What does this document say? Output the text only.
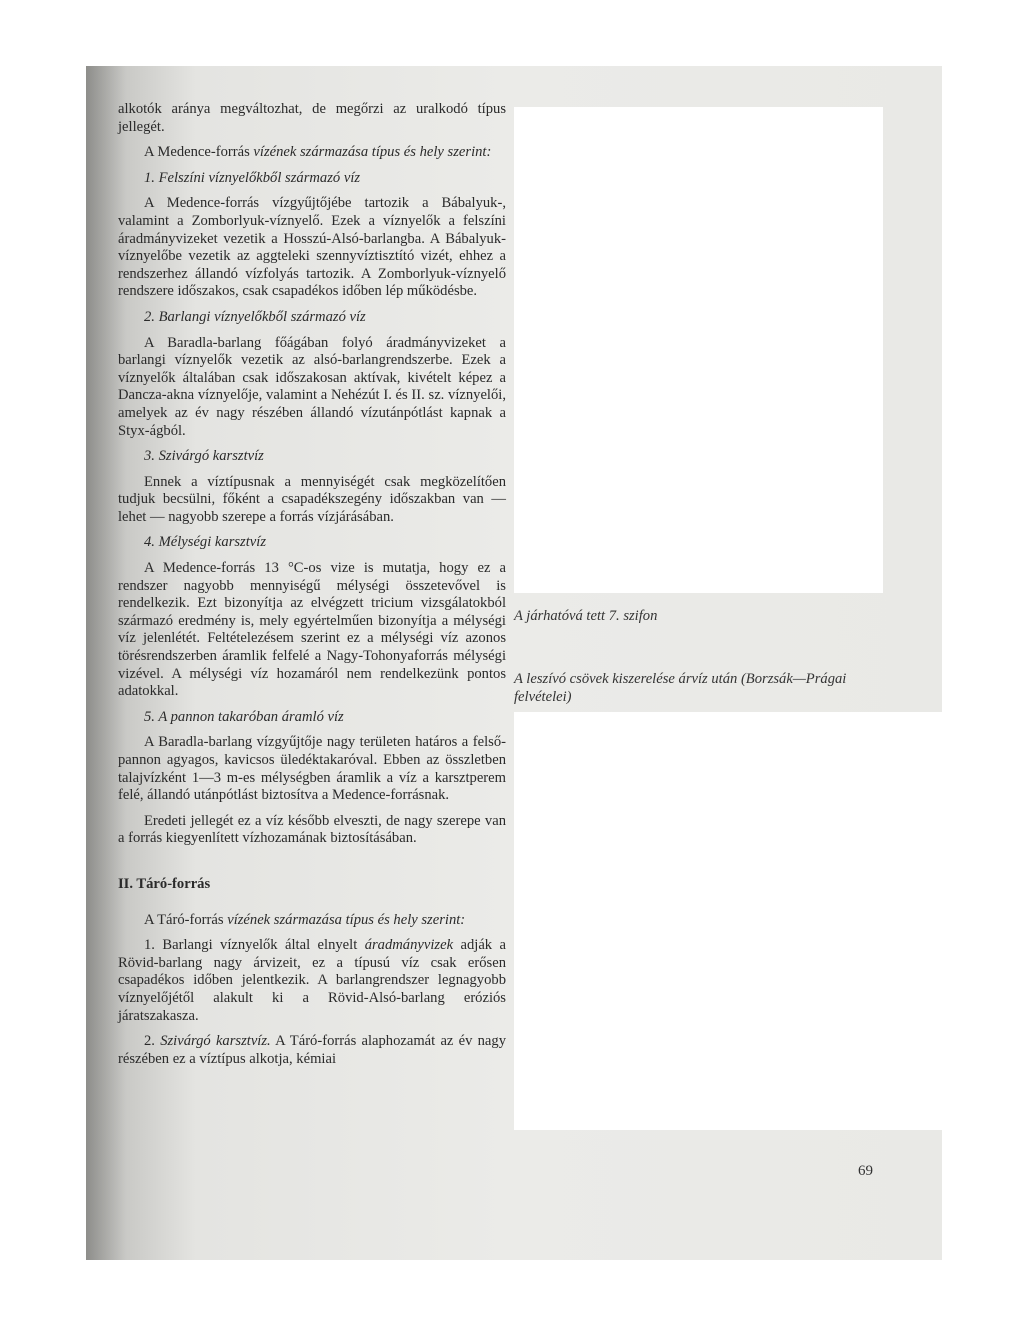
alkotók aránya megváltozhat, de megőrzi az uralkodó típus jellegét.

A Medence-forrás vízének származása típus és hely szerint:

1. Felszíni víznyelőkből származó víz

A Medence-forrás vízgyűjtőjébe tartozik a Bábalyuk-, valamint a Zomborlyuk-víznyelő. Ezek a víznyelők a felszíni áradmányvizeket vezetik a Hosszú-Alsó-barlangba. A Bábalyuk-víznyelőbe vezetik az aggteleki szennyvíztisztító vizét, ehhez a rendszerhez állandó vízfolyás tartozik. A Zomborlyuk-víznyelő rendszere időszakos, csak csapadékos időben lép működésbe.

2. Barlangi víznyelőkből származó víz

A Baradla-barlang főágában folyó áradmányvizeket a barlangi víznyelők vezetik az alsó-barlangrendszerbe. Ezek a víznyelők általában csak időszakosan aktívak, kivételt képez a Dancza-akna víznyelője, valamint a Nehézút I. és II. sz. víznyelői, amelyek az év nagy részében állandó vízutánpótlást kapnak a Styx-ágból.

3. Szivárgó karsztvíz

Ennek a víztípusnak a mennyiségét csak megközelítően tudjuk becsülni, főként a csapadékszegény időszakban van — lehet — nagyobb szerepe a forrás vízjárásában.

4. Mélységi karsztvíz

A Medence-forrás 13 °C-os vize is mutatja, hogy ez a rendszer nagyobb mennyiségű mélységi összetevővel is rendelkezik. Ezt bizonyítja az elvégzett tricium vizsgálatokból származó eredmény is, mely egyértelműen bizonyítja a mélységi víz jelenlétét. Feltételezésem szerint ez a mélységi víz azonos törésrendszerben áramlik felfelé a Nagy-Tohonyaforrás mélységi vizével. A mélységi víz hozamáról nem rendelkezünk pontos adatokkal.

5. A pannon takaróban áramló víz

A Baradla-barlang vízgyűjtője nagy területen határos a felső-pannon agyagos, kavicsos üledéktakaróval. Ebben az összletben talajvízként 1—3 m-es mélységben áramlik a víz a karsztperem felé, állandó utánpótlást biztosítva a Medence-forrásnak.

Eredeti jellegét ez a víz később elveszti, de nagy szerepe van a forrás kiegyenlített vízhozamának biztosításában.

II. Táró-forrás

A Táró-forrás vízének származása típus és hely szerint:

1. Barlangi víznyelők által elnyelt áradmányvizek adják a Rövid-barlang nagy árvizeit, ez a típusú víz csak erősen csapadékos időben jelentkezik. A barlangrendszer legnagyobb víznyelőjétől alakult ki a Rövid-Alsó-barlang eróziós járatszakasza.

2. Szivárgó karsztvíz. A Táró-forrás alaphozamát az év nagy részében ez a víztípus alkotja, kémiai

A járhatóvá tett 7. szifon
A leszívó csövek kiszerelése árvíz után (Borzsák—Prágai felvételei)
69
